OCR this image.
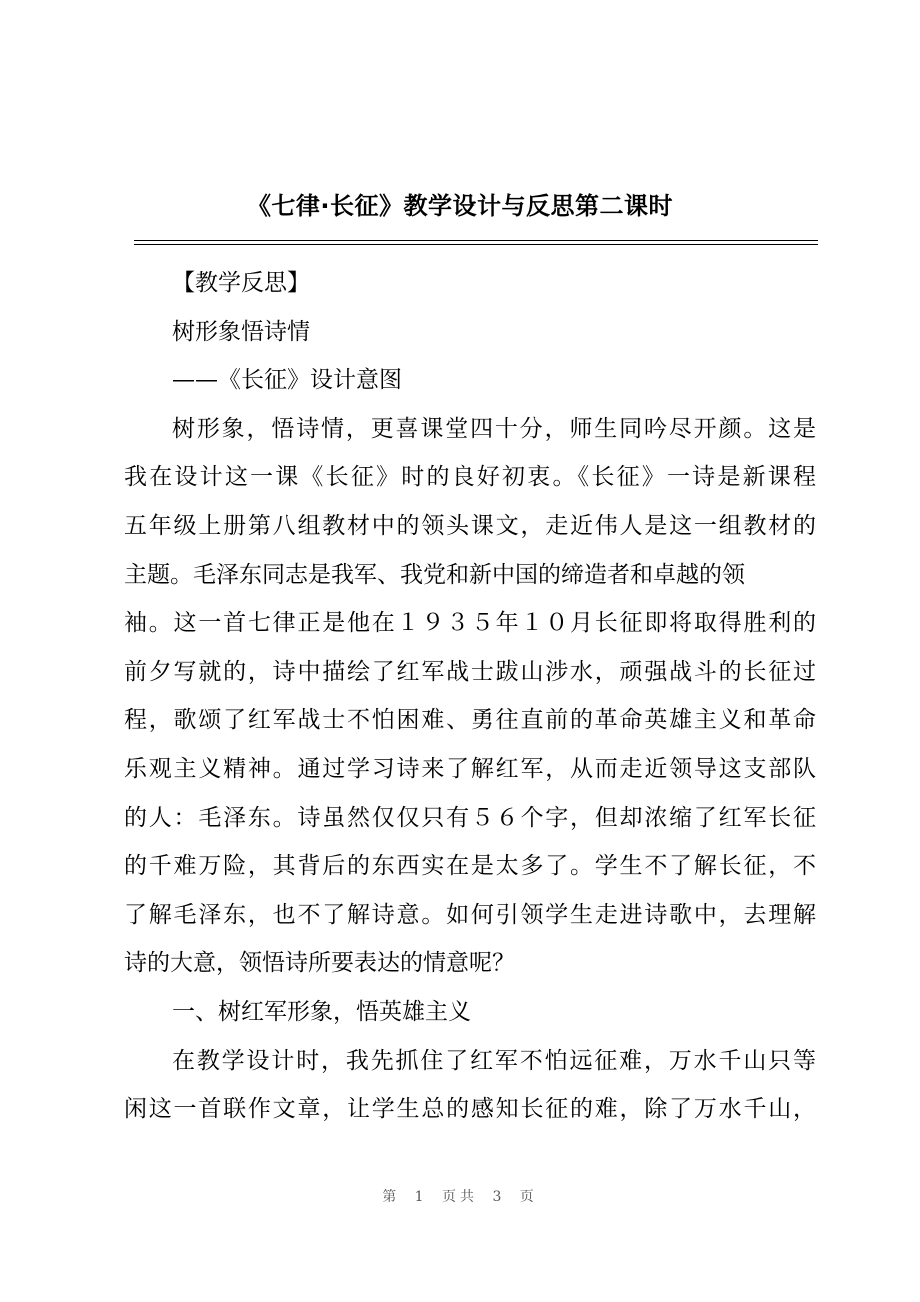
《七律·长征》教学设计与反思第二课时
【教学反思】
树形象悟诗情
——《长征》设计意图
树形象，悟诗情，更喜课堂四十分，师生同吟尽开颜。这是
我在设计这一课《长征》时的良好初衷。《长征》一诗是新课程
五年级上册第八组教材中的领头课文，走近伟人是这一组教材的
主题。毛泽东同志是我军、我党和新中国的缔造者和卓越的领
袖。这一首七律正是他在１９３５年１０月长征即将取得胜利的
前夕写就的，诗中描绘了红军战士跋山涉水，顽强战斗的长征过
程，歌颂了红军战士不怕困难、勇往直前的革命英雄主义和革命
乐观主义精神。通过学习诗来了解红军，从而走近领导这支部队
的人：毛泽东。诗虽然仅仅只有５６个字，但却浓缩了红军长征
的千难万险，其背后的东西实在是太多了。学生不了解长征，不
了解毛泽东，也不了解诗意。如何引领学生走进诗歌中，去理解
诗的大意，领悟诗所要表达的情意呢？
一、树红军形象，悟英雄主义
在教学设计时，我先抓住了红军不怕远征难，万水千山只等
闲这一首联作文章，让学生总的感知长征的难，除了万水千山，
第 1 页共 3 页
